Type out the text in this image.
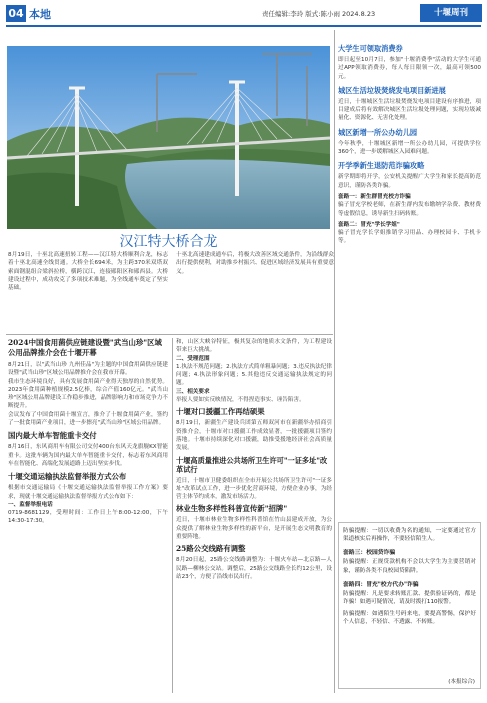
04 本地	责任编辑:李玲 版式:陈小雨 2024.8.23	十堰周刊
汉江特大桥合龙

8月19日，十巫北高速扭转工程——汉江特大桥顺利合龙，标志着十巫北高速全线贯通。大桥全长694米，为主跨370米双塔双索面钢混组合梁斜拉桥，横跨汉江，连接郧阳区和郧西县。大桥建设过程中，成功攻克了多项技术难题，为全线通车奠定了坚实基础。

十巫北高速建成通车后，将极大改善区域交通条件，为沿线群众出行提供便利，对助推乡村振兴、促进区域经济发展具有重要意义。

2024中国食用菌供应链建设暨"武当山珍"区域公用品牌推介会在十堰开幕

8月21日，以"武当山珍 九州佳品"为主题的中国食用菌供应链建设暨"武当山珍"区域公用品牌推介会在我市开幕。

我市生态环境良好，具有发展食用菌产业得天独厚的自然优势。2023年食用菌种植规模2.5亿棒，综合产值160亿元。"武当山珍"区域公用品牌建设工作稳步推进，品牌影响力和市场竞争力不断提升。

会议发布了中国食用菌十堰宣言，推介了十堰食用菌产业，签约了一批食用菌产业项目，进一步擦亮"武当山珍"区域公用品牌。

国内最大单车智能重卡交付

8月16日，东风商用车有限公司交付400台东风天龙旗舰KX智能重卡。这批车辆为国内最大单车智能重卡交付，标志着东风商用车在智能化、高端化发展道路上迈出坚实步伐。

十堰交通运输执法监督举报方式公布

根据市交通运输局《十堰交通运输执法监督举报工作方案》要求，现就十堰交通运输执法监督举报方式公布如下：

一、监督举报电话

0719-8681129，受理时间：工作日上午8:00-12:00，下午14:30-17:30。

和，山区大峡谷特征，极其复杂的地质水文条件，为工程建设带来巨大挑战。

二、受理范围

1.执法不规范问题；2.执法方式简单粗暴问题；3.违反执法纪律问题；4.执法形象问题；5.其他违反交通运输执法规定的问题。

三、相关要求

举报人要如实反映情况，不得捏造事实、诬告陷害。

十堰对口援疆工作再结硕果

8月19日，新疆生产建设兵团第五师双河市在新疆举办招商引资推介会，十堰市对口援疆工作成效显著，一批援疆项目签约落地。十堰市持续深化对口援疆，助推受援地经济社会高质量发展。

十堰高质量推进公共场所卫生许可"一证多址"改革试行

近日，十堰市卫健委组织在全市开展公共场所卫生许可"一证多址"改革试点工作，进一步优化营商环境，方便企业办事，为经营主体节约成本，激发市场活力。

林业生物多样性科普宣传新"招牌"

近日，十堰市林业生物多样性科普馆在竹山县建成开放，为公众提供了解林业生物多样性的新平台，是开展生态文明教育的重要阵地。

25路公交线路有调整

8月20日起，25路公交线路调整为：十堰火车站—北京路—人民路—柳林公交站。调整后，25路公交线路全长约12公里，设站23个，方便了沿线市民出行。

大学生可领取消费券

即日起至10月7日，参加"十堰消费季"活动的大学生可通过APP领取消费券，每人每日限领一次，最高可领500元。

城区生活垃圾焚烧发电项目新进展

近日，十堰城区生活垃圾焚烧发电项目建设有序推进，项目建成后将有效解决城区生活垃圾处理问题，实现垃圾减量化、资源化、无害化处理。

城区新增一所公办幼儿园

今年秋季，十堰城区新增一所公办幼儿园，可提供学位360个，进一步缓解城区入园难问题。

开学季新生退防范诈骗攻略

新学期即将开学，公安机关提醒广大学生和家长提高防范意识，谨防各类诈骗。

套路一：新生群冒充校方诈骗

骗子冒充学校老师，在新生群内发布缴纳学杂费、教材费等虚假信息，诱导新生扫码转账。

套路二：冒充"学长学姐"

骗子冒充学长学姐推销学习用品、办理校园卡、手机卡等。

防骗提醒：一切以收费为名的通知，一定要通过官方渠道核实后再操作，不要轻信陌生人。

套路三：校园贷诈骗

防骗提醒：正规贷款机构不会以大学生为主要营销对象，谨防各类不良校园贷陷阱。

套路四：冒充"校方代办"诈骗

防骗提醒：凡是要求转账汇款、提供验证码的，都是诈骗！如遇可疑情况，请及时拨打110报警。

防骗提醒：如遇陌生号码来电，要提高警惕，保护好个人信息，不轻信、不透露、不转账。

(本报综合)
